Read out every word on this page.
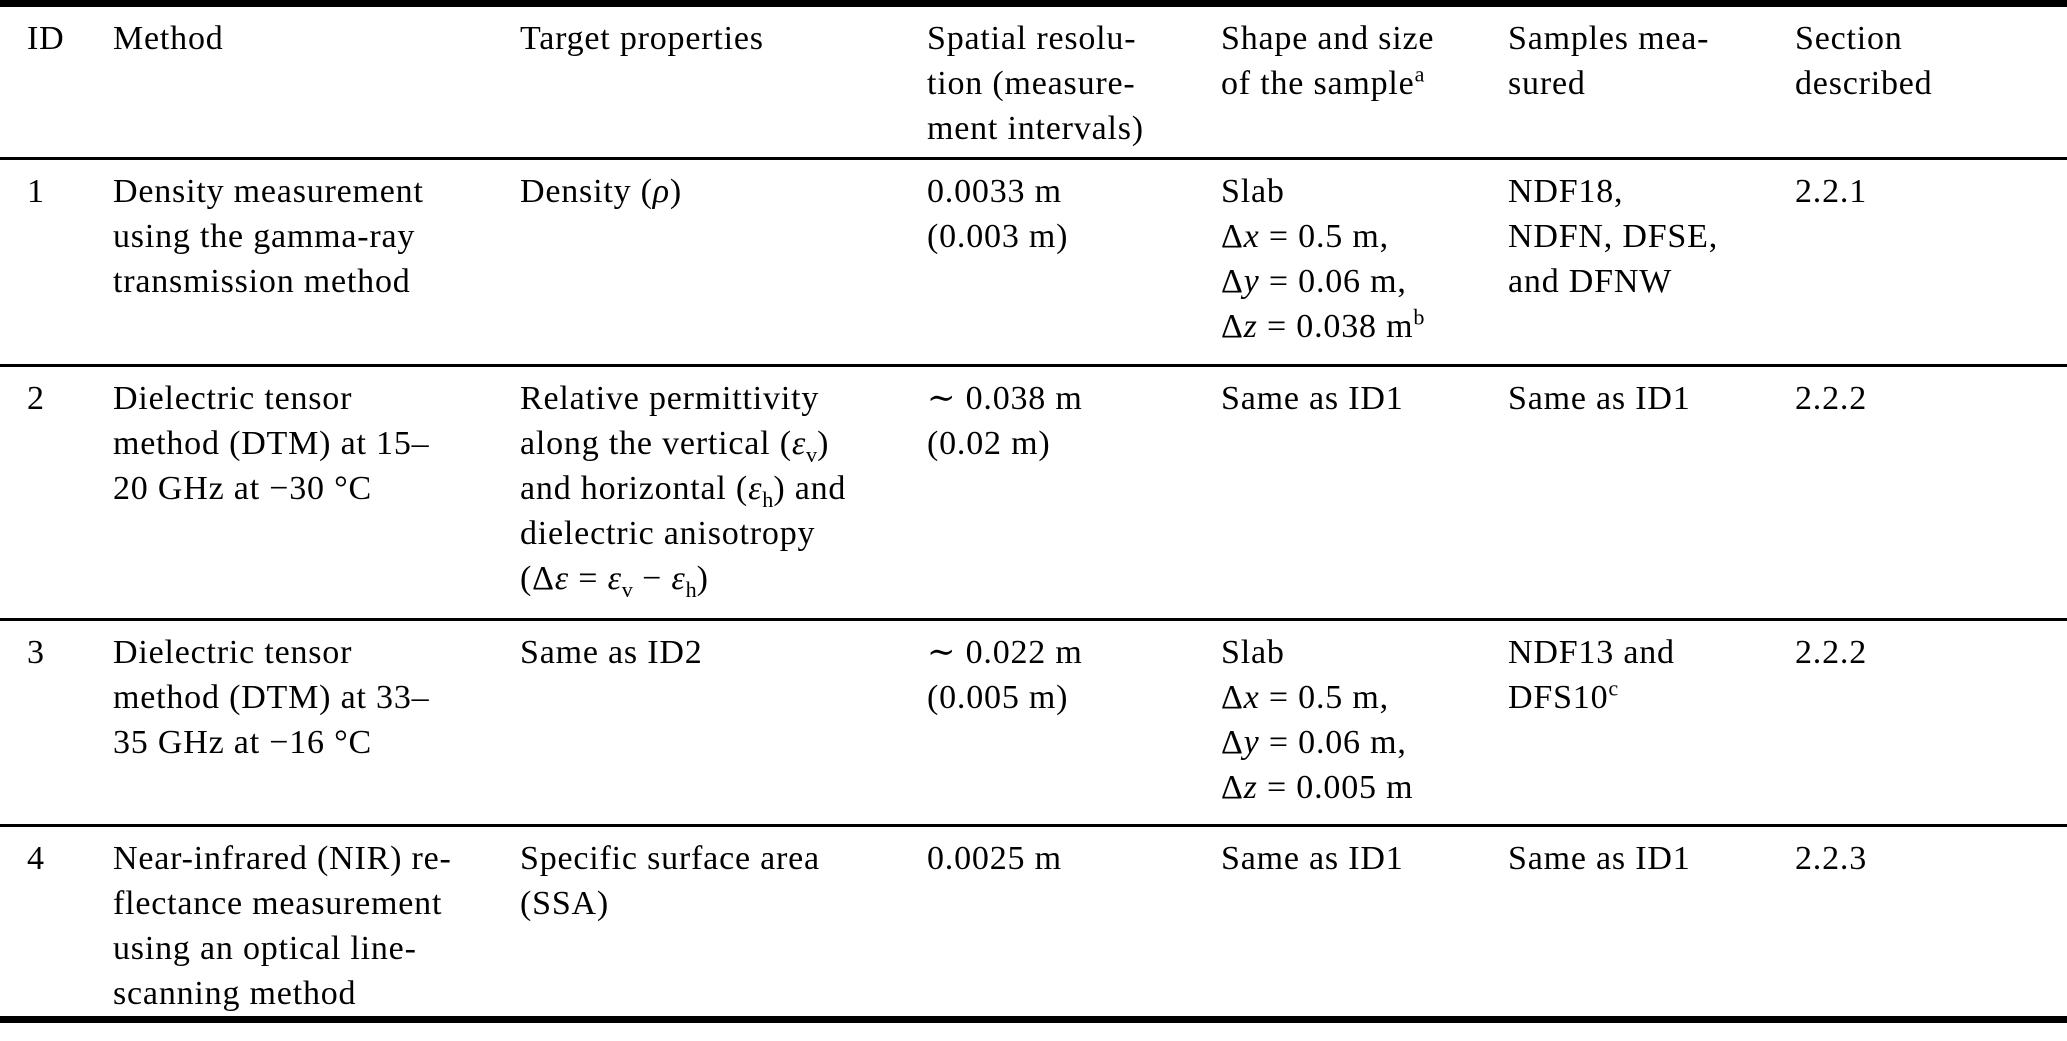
ID	Method	Target properties	Spatial resolu-
tion (measure-
ment intervals)	Shape and size
of the sample$^a$	Samples mea-
sured	Section described
1	Density measurement
using the gamma-ray
transmission method	Density (ρ)	0.0033 m
(0.003 m)	Slab
Δx = 0.5 m,
Δy = 0.06 m,
Δz = 0.038 $m^b$	NDF18,
NDFN, DFSE,
and DFNW	2.2.1
2	Dielectric tensor
method (DTM) at 15–
20 GHz at −30 °C	Relative permittivity
along the vertical $(\varepsilon_v)$
and horizontal $(\varepsilon_h)$ and
dielectric anisotropy
$(\Delta\varepsilon = \varepsilon_v - \varepsilon_h)$	∼ 0.038 m
(0.02 m)	Same as ID1	Same as ID1	2.2.2
3	Dielectric tensor
method (DTM) at 33–
35 GHz at −16 °C	Same as ID2	∼ 0.022 m
(0.005 m)	Slab
Δx = 0.5 m,
Δy = 0.06 m,
Δz = 0.005 m	NDF13 and
DFS10$^c$	2.2.2
4	Near-infrared (NIR) re-
flectance measurement
using an optical line-
scanning method	Specific surface area
(SSA)	0.0025 m	Same as ID1	Same as ID1	2.2.3
